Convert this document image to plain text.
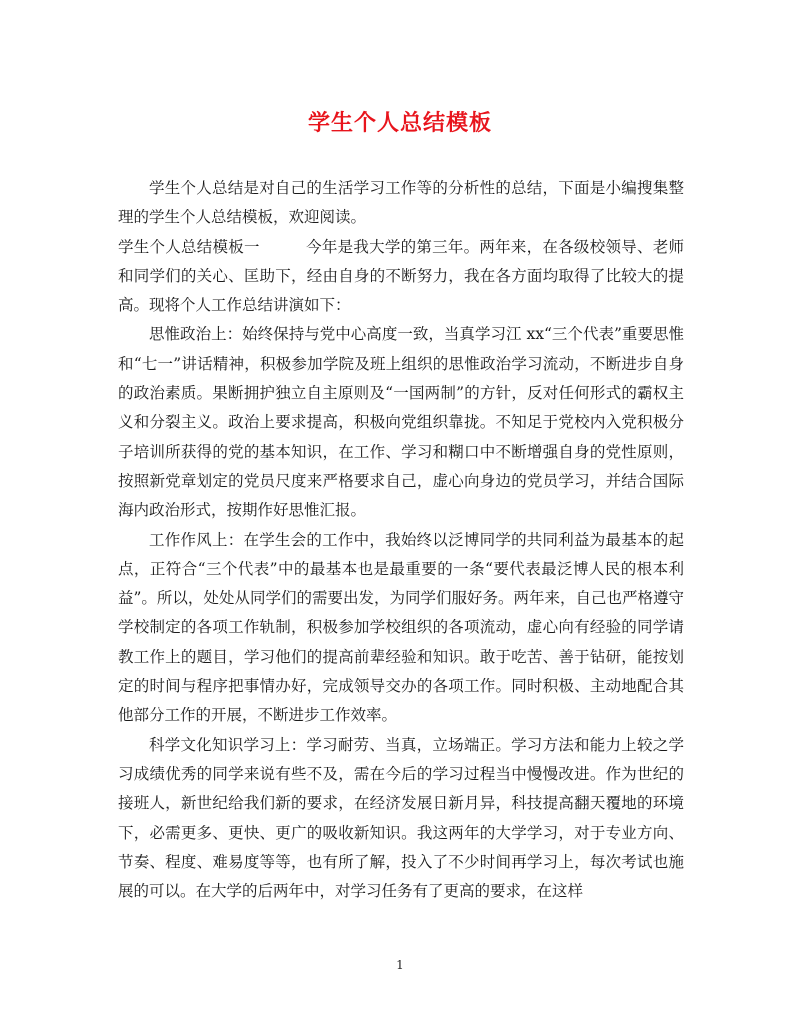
学生个人总结模板

学生个人总结是对自己的生活学习工作等的分析性的总结，下面是小编搜集整理的学生个人总结模板，欢迎阅读。

学生个人总结模板一	今年是我大学的第三年。两年来，在各级校领导、老师和同学们的关心、匡助下，经由自身的不断努力，我在各方面均取得了比较大的提高。现将个人工作总结讲演如下：

思惟政治上：始终保持与党中心高度一致，当真学习江 xx“三个代表”重要思惟和“七一”讲话精神，积极参加学院及班上组织的思惟政治学习流动，不断进步自身的政治素质。果断拥护独立自主原则及“一国两制”的方针，反对任何形式的霸权主义和分裂主义。政治上要求提高，积极向党组织靠拢。不知足于党校内入党积极分子培训所获得的党的基本知识，在工作、学习和糊口中不断增强自身的党性原则，按照新党章划定的党员尺度来严格要求自己，虚心向身边的党员学习，并结合国际海内政治形式，按期作好思惟汇报。

工作作风上：在学生会的工作中，我始终以泛博同学的共同利益为最基本的起点，正符合“三个代表”中的最基本也是最重要的一条“要代表最泛博人民的根本利益”。所以，处处从同学们的需要出发，为同学们服好务。两年来，自己也严格遵守学校制定的各项工作轨制，积极参加学校组织的各项流动，虚心向有经验的同学请教工作上的题目，学习他们的提高前辈经验和知识。敢于吃苦、善于钻研，能按划定的时间与程序把事情办好，完成领导交办的各项工作。同时积极、主动地配合其他部分工作的开展，不断进步工作效率。

科学文化知识学习上：学习耐劳、当真，立场端正。学习方法和能力上较之学习成绩优秀的同学来说有些不及，需在今后的学习过程当中慢慢改进。作为世纪的接班人，新世纪给我们新的要求，在经济发展日新月异，科技提高翻天覆地的环境下，必需更多、更快、更广的吸收新知识。我这两年的大学学习，对于专业方向、节奏、程度、难易度等等，也有所了解，投入了不少时间再学习上，每次考试也施展的可以。在大学的后两年中，对学习任务有了更高的要求，在这样

1
